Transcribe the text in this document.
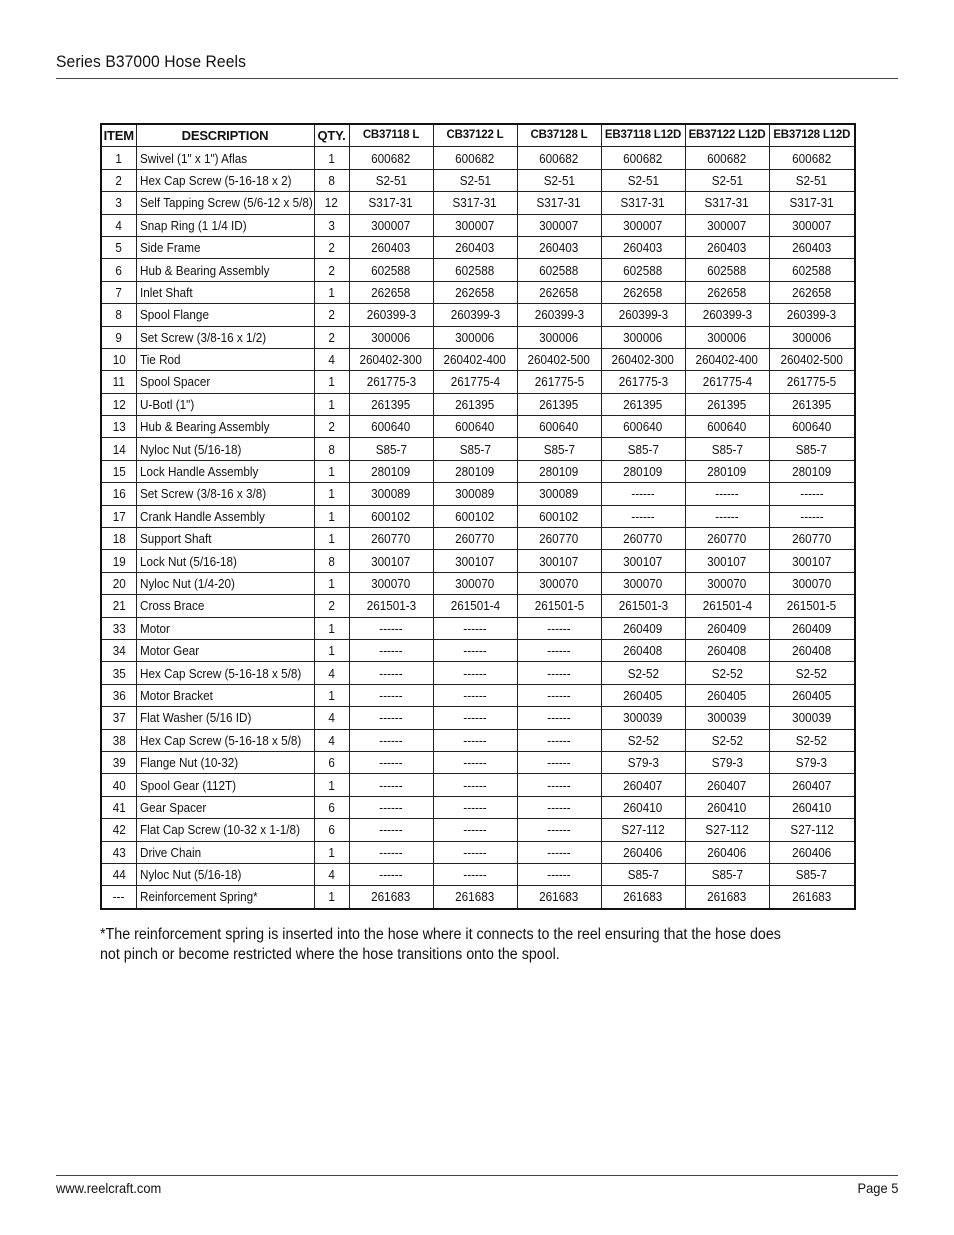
Series B37000 Hose Reels
ITEM	DESCRIPTION	QTY.	CB37118 L	CB37122 L	CB37128 L	EB37118 L12D	EB37122 L12D	EB37128 L12D
1	Swivel (1" x 1") Aflas	1	600682	600682	600682	600682	600682	600682
2	Hex Cap Screw (5-16-18 x 2)	8	S2-51	S2-51	S2-51	S2-51	S2-51	S2-51
3	Self Tapping Screw (5/6-12 x 5/8)	12	S317-31	S317-31	S317-31	S317-31	S317-31	S317-31
4	Snap Ring (1 1/4 ID)	3	300007	300007	300007	300007	300007	300007
5	Side Frame	2	260403	260403	260403	260403	260403	260403
6	Hub & Bearing Assembly	2	602588	602588	602588	602588	602588	602588
7	Inlet Shaft	1	262658	262658	262658	262658	262658	262658
8	Spool Flange	2	260399-3	260399-3	260399-3	260399-3	260399-3	260399-3
9	Set Screw (3/8-16 x 1/2)	2	300006	300006	300006	300006	300006	300006
10	Tie Rod	4	260402-300	260402-400	260402-500	260402-300	260402-400	260402-500
11	Spool Spacer	1	261775-3	261775-4	261775-5	261775-3	261775-4	261775-5
12	U-Botl (1")	1	261395	261395	261395	261395	261395	261395
13	Hub & Bearing Assembly	2	600640	600640	600640	600640	600640	600640
14	Nyloc Nut (5/16-18)	8	S85-7	S85-7	S85-7	S85-7	S85-7	S85-7
15	Lock Handle Assembly	1	280109	280109	280109	280109	280109	280109
16	Set Screw (3/8-16 x 3/8)	1	300089	300089	300089	------	------	------
17	Crank Handle Assembly	1	600102	600102	600102	------	------	------
18	Support Shaft	1	260770	260770	260770	260770	260770	260770
19	Lock Nut (5/16-18)	8	300107	300107	300107	300107	300107	300107
20	Nyloc Nut (1/4-20)	1	300070	300070	300070	300070	300070	300070
21	Cross Brace	2	261501-3	261501-4	261501-5	261501-3	261501-4	261501-5
33	Motor	1	------	------	------	260409	260409	260409
34	Motor Gear	1	------	------	------	260408	260408	260408
35	Hex Cap Screw (5-16-18 x 5/8)	4	------	------	------	S2-52	S2-52	S2-52
36	Motor Bracket	1	------	------	------	260405	260405	260405
37	Flat Washer (5/16 ID)	4	------	------	------	300039	300039	300039
38	Hex Cap Screw (5-16-18 x 5/8)	4	------	------	------	S2-52	S2-52	S2-52
39	Flange Nut (10-32)	6	------	------	------	S79-3	S79-3	S79-3
40	Spool Gear (112T)	1	------	------	------	260407	260407	260407
41	Gear Spacer	6	------	------	------	260410	260410	260410
42	Flat Cap Screw (10-32 x 1-1/8)	6	------	------	------	S27-112	S27-112	S27-112
43	Drive Chain	1	------	------	------	260406	260406	260406
44	Nyloc Nut (5/16-18)	4	------	------	------	S85-7	S85-7	S85-7
---	Reinforcement Spring*	1	261683	261683	261683	261683	261683	261683
*The reinforcement spring is inserted into the hose where it connects to the reel ensuring that the hose does not pinch or become restricted where the hose transitions onto the spool.
www.reelcraft.com	Page 5
